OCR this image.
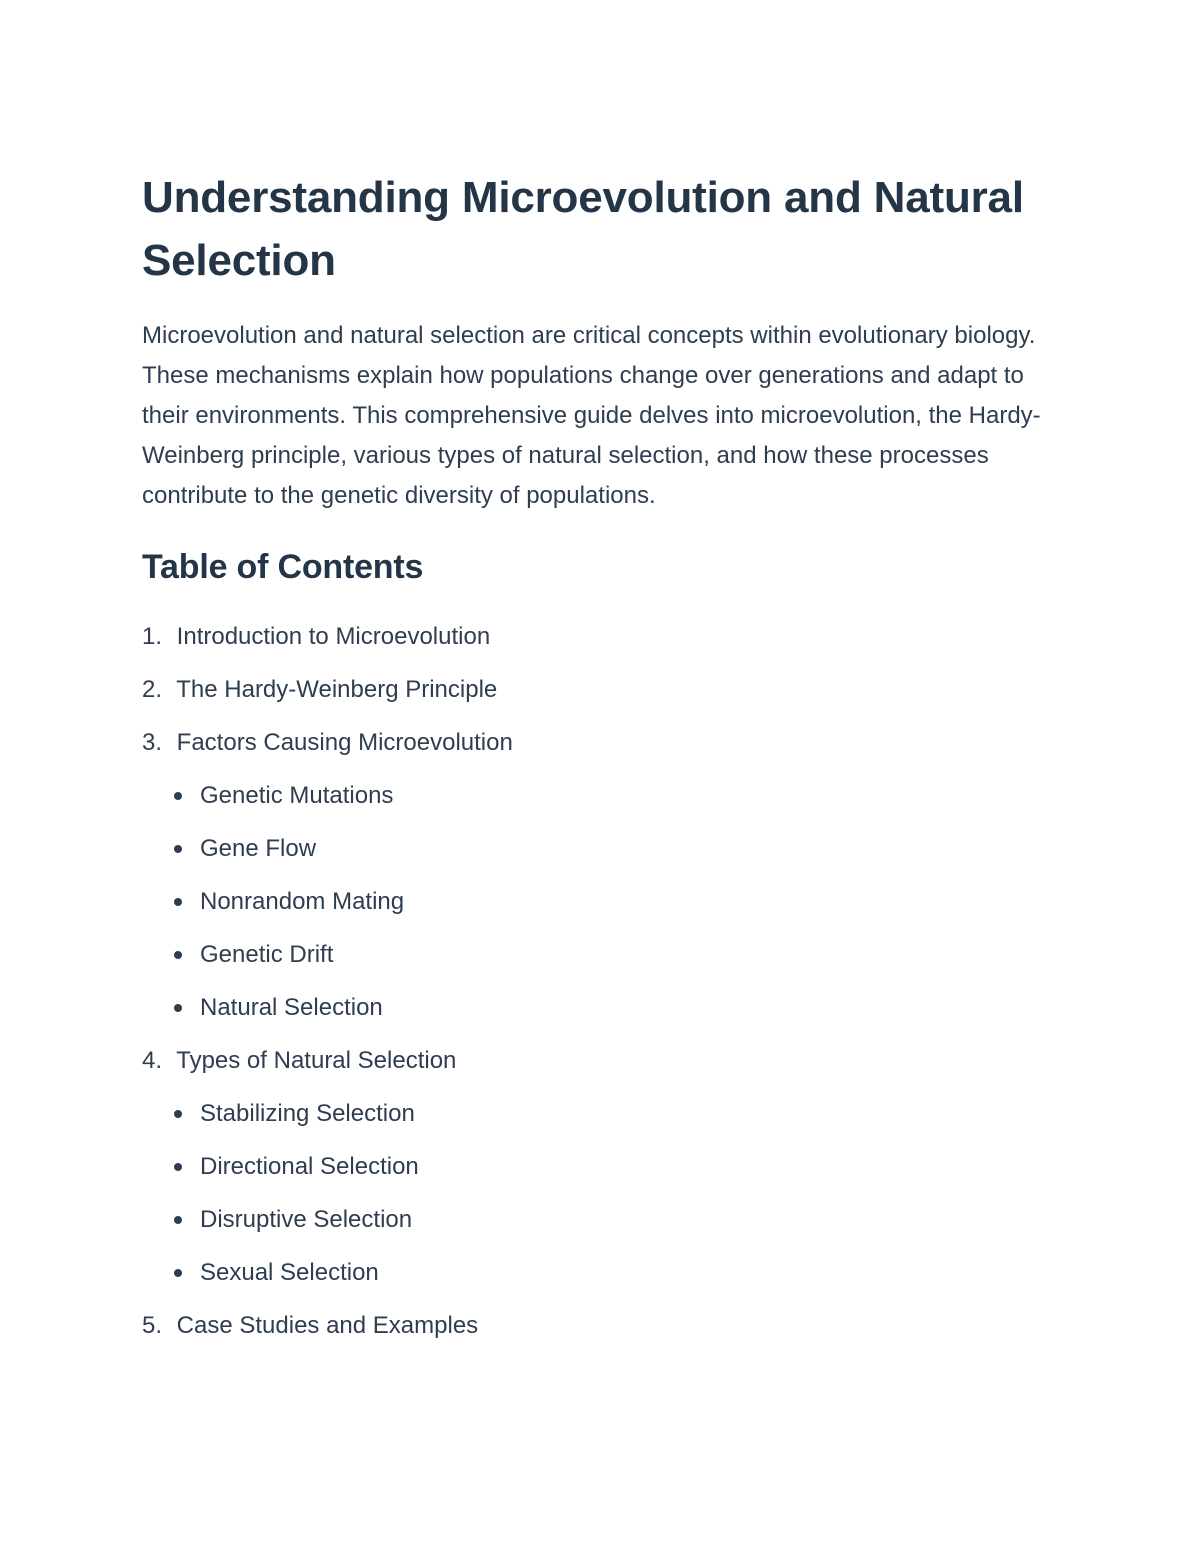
Understanding Microevolution and Natural Selection

Microevolution and natural selection are critical concepts within evolutionary biology. These mechanisms explain how populations change over generations and adapt to their environments. This comprehensive guide delves into microevolution, the Hardy-Weinberg principle, various types of natural selection, and how these processes contribute to the genetic diversity of populations.

Table of Contents
1. Introduction to Microevolution
2. The Hardy-Weinberg Principle
3. Factors Causing Microevolution
Genetic Mutations
Gene Flow
Nonrandom Mating
Genetic Drift
Natural Selection
4. Types of Natural Selection
Stabilizing Selection
Directional Selection
Disruptive Selection
Sexual Selection
5. Case Studies and Examples
